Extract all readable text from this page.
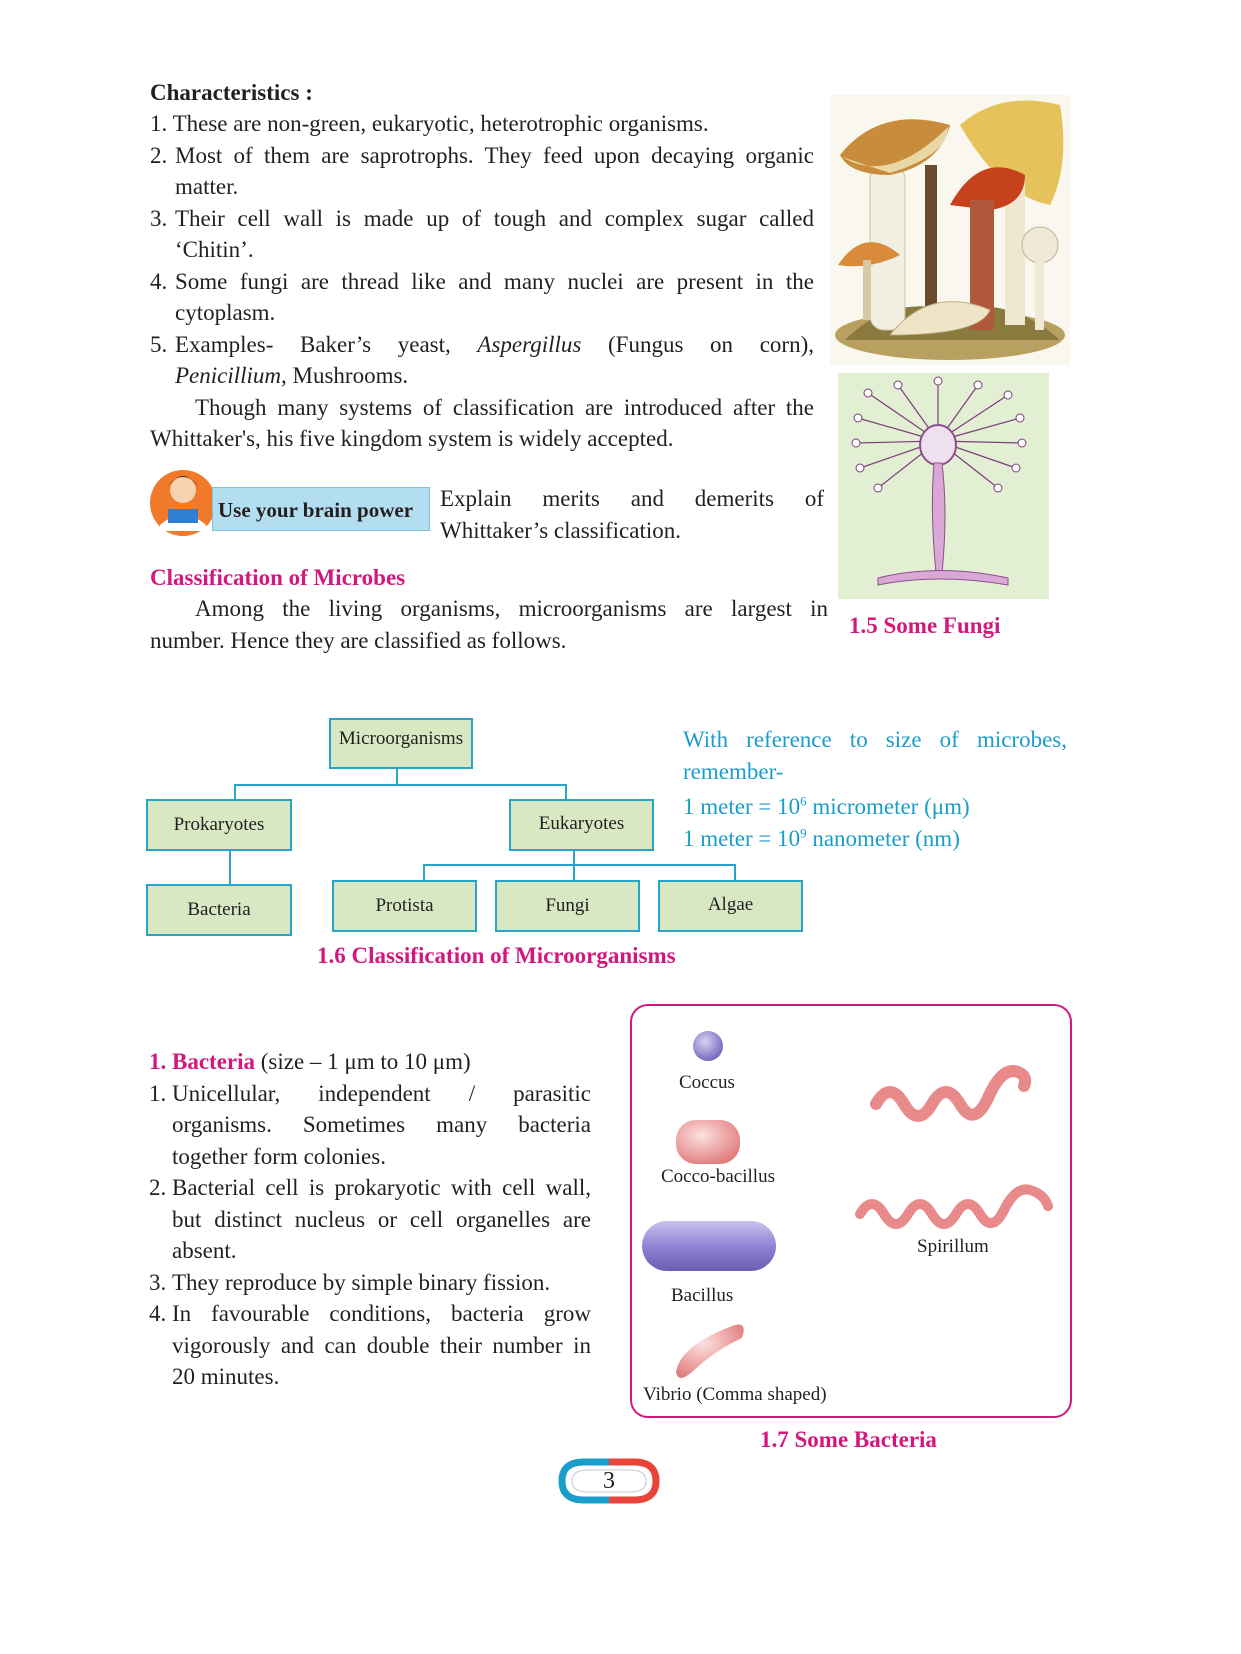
Characteristics :
1. These are non-green, eukaryotic, heterotrophic organisms.
2. Most of them are saprotrophs. They feed upon decaying organic
matter.
3. Their cell wall is made up of tough and complex sugar called
‘Chitin’.
4. Some fungi are thread like and many nuclei are present in the
cytoplasm.
5. Examples- Baker’s yeast, Aspergillus (Fungus on corn),
Penicillium, Mushrooms.
Though many systems of classification are introduced after the
Whittaker's, his five kingdom system is widely accepted.
1.5 Some Fungi
Use your brain power Explain merits and demerits of
Whittaker’s classification.
Classification of Microbes
Among the living organisms, microorganisms are largest in
number. Hence they are classified as follows.
Microorganisms
Prokaryotes	Eukaryotes
Bacteria	Protista	Fungi	Algae
1.6 Classification of Microorganisms
With reference to size of microbes,
remember-
1 meter = $10^6$ micrometer (μm)
1 meter = $10^9$ nanometer (nm)
1. Bacteria (size – 1 μm to 10 μm)
1. Unicellular, independent / parasitic
organisms. Sometimes many bacteria
together form colonies.
2. Bacterial cell is prokaryotic with cell wall,
but distinct nucleus or cell organelles are
absent.
3. They reproduce by simple binary fission.
4. In favourable conditions, bacteria grow
vigorously and can double their number in
20 minutes.
Coccus
Cocco-bacillus
Bacillus
Vibrio (Comma shaped)
Spirillum
1.7 Some Bacteria
3
